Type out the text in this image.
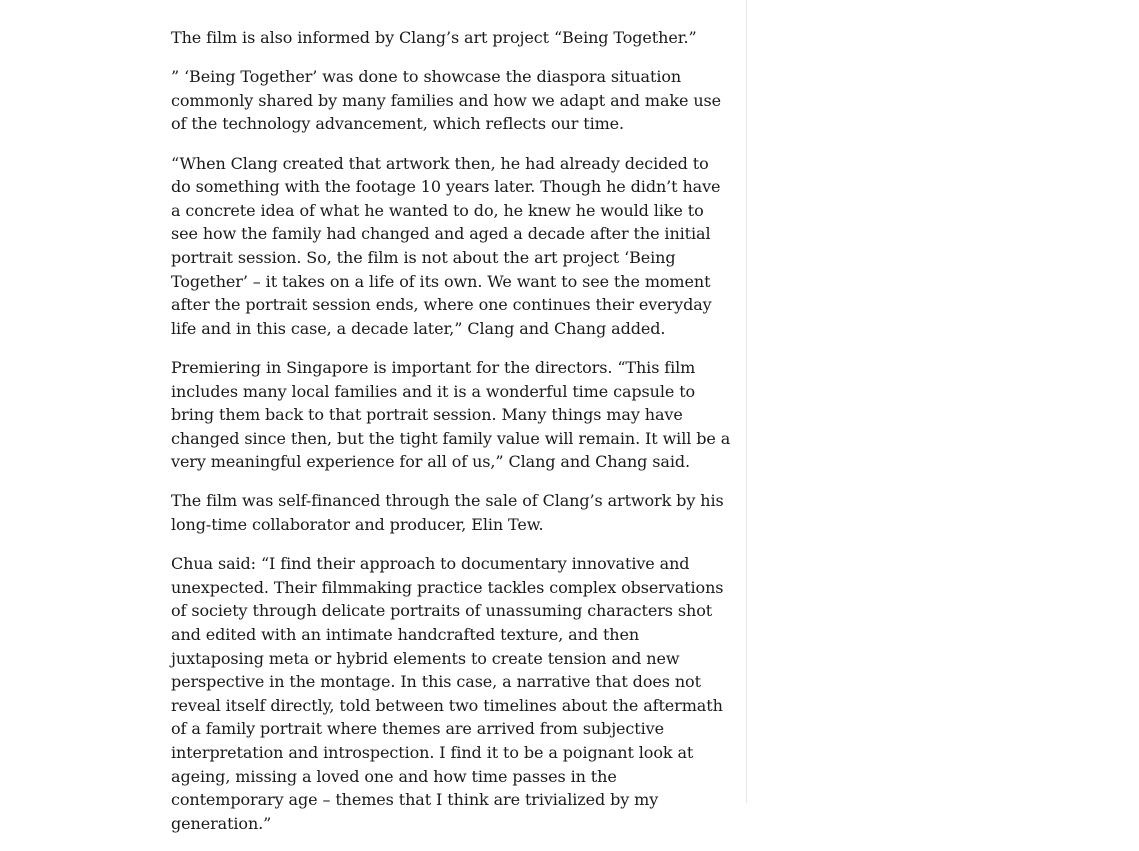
The film is also informed by Clang’s art project “Being Together.”

” ‘Being Together’ was done to showcase the diaspora situation commonly shared by many families and how we adapt and make use of the technology advancement, which reflects our time.

“When Clang created that artwork then, he had already decided to do something with the footage 10 years later. Though he didn’t have a concrete idea of what he wanted to do, he knew he would like to see how the family had changed and aged a decade after the initial portrait session. So, the film is not about the art project ‘Being Together’ – it takes on a life of its own. We want to see the moment after the portrait session ends, where one continues their everyday life and in this case, a decade later,” Clang and Chang added.

Premiering in Singapore is important for the directors. “This film includes many local families and it is a wonderful time capsule to bring them back to that portrait session. Many things may have changed since then, but the tight family value will remain. It will be a very meaningful experience for all of us,” Clang and Chang said.

The film was self-financed through the sale of Clang’s artwork by his long-time collaborator and producer, Elin Tew.

Chua said: “I find their approach to documentary innovative and unexpected. Their filmmaking practice tackles complex observations of society through delicate portraits of unassuming characters shot and edited with an intimate handcrafted texture, and then juxtaposing meta or hybrid elements to create tension and new perspective in the montage. In this case, a narrative that does not reveal itself directly, told between two timelines about the aftermath of a family portrait where themes are arrived from subjective interpretation and introspection. I find it to be a poignant look at ageing, missing a loved one and how time passes in the contemporary age – themes that I think are trivialized by my generation.”
